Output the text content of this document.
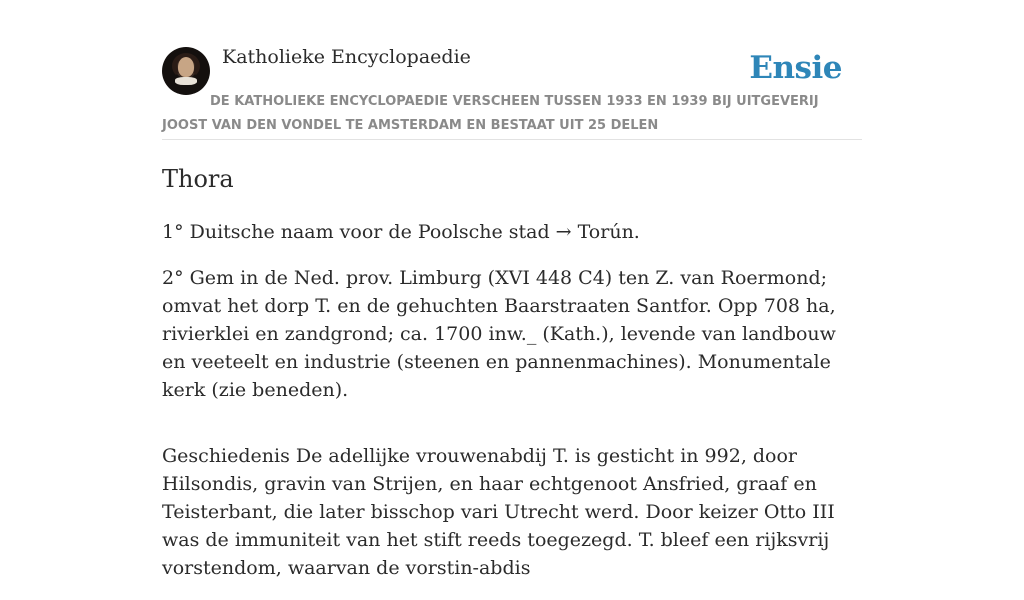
Katholieke Encyclopaedie	Ensie
DE KATHOLIEKE ENCYCLOPAEDIE VERSCHEEN TUSSEN 1933 EN 1939 BIJ UITGEVERIJ JOOST VAN DEN VONDEL TE AMSTERDAM EN BESTAAT UIT 25 DELEN
Thora

1° Duitsche naam voor de Poolsche stad → Torún.

2° Gem in de Ned. prov. Limburg (XVI 448 C4) ten Z. van Roermond; omvat het dorp T. en de gehuchten Baarstraaten Santfor. Opp 708 ha, rivierklei en zandgrond; ca. 1700 inw._ (Kath.), levende van landbouw en veeteelt en industrie (steenen en pannenmachines). Monumentale kerk (zie beneden).

Geschiedenis De adellijke vrouwenabdij T. is gesticht in 992, door Hilsondis, gravin van Strijen, en haar echtgenoot Ansfried, graaf en Teisterbant, die later bisschop vari Utrecht werd. Door keizer Otto III was de immuniteit van het stift reeds toegezegd. T. bleef een rijksvrij vorstendom, waarvan de vorstin-abdis
